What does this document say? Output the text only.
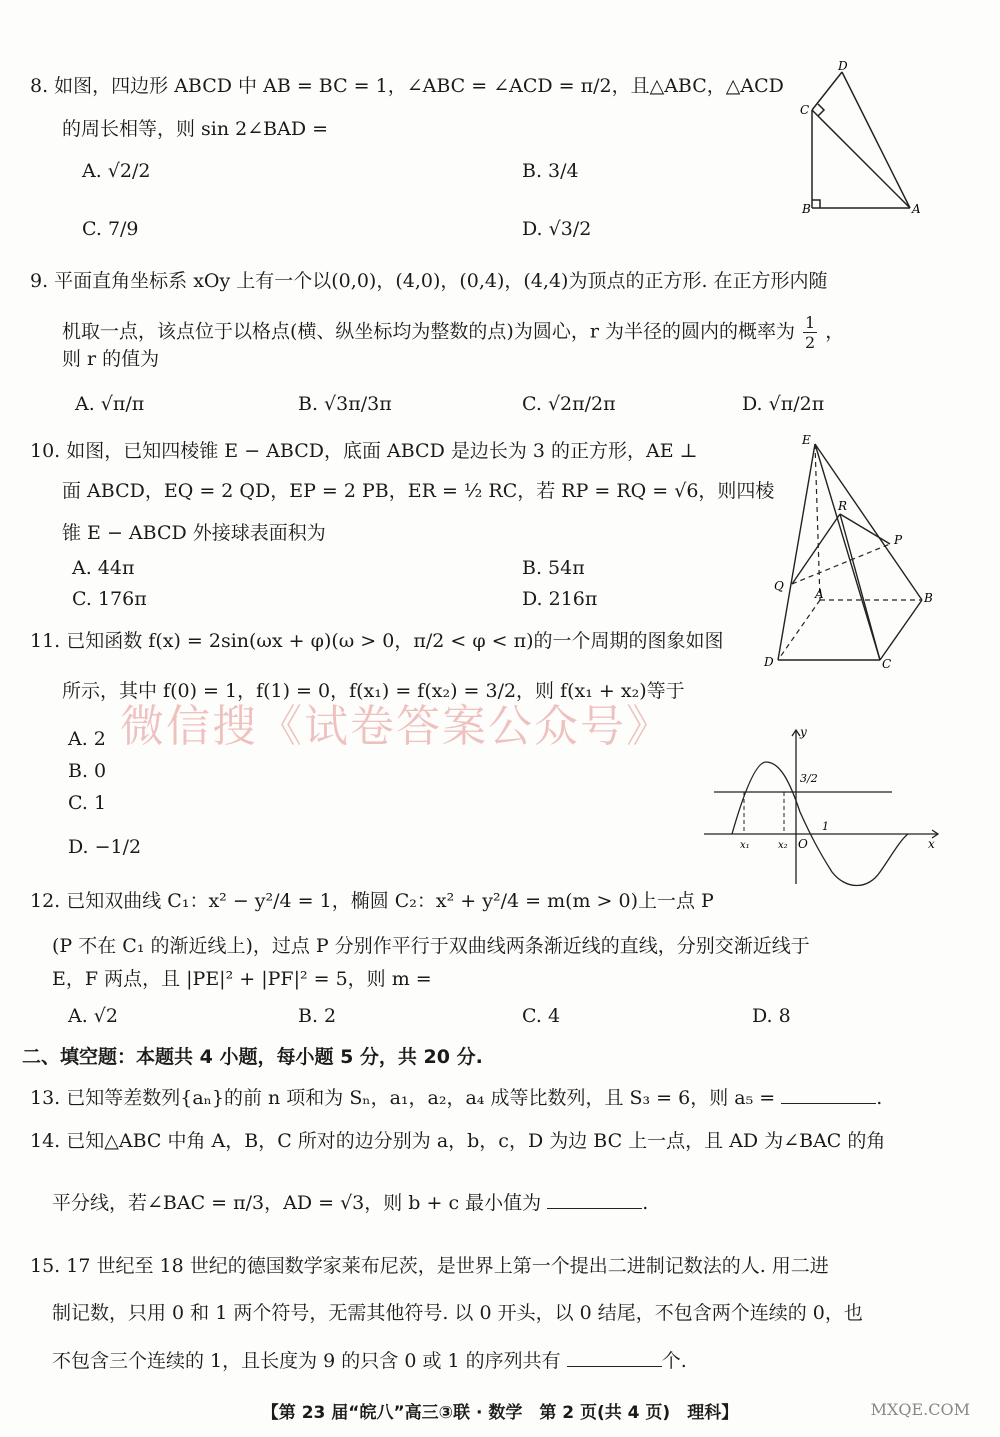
8. 如图，四边形 ABCD 中 AB = BC = 1，∠ABC = ∠ACD = π/2，且△ABC，△ACD
的周长相等，则 sin 2∠BAD =
A. √2/2	B. 3/4
C. 7/9	D. √3/2
D
C
B	A
9. 平面直角坐标系 xOy 上有一个以(0,0)，(4,0)，(0,4)，(4,4)为顶点的正方形. 在正方形内随
机取一点，该点位于以格点(横、纵坐标均为整数的点)为圆心，r 为半径的圆内的概率为 $\frac{1}{2}$ ，
则 r 的值为
A. √π/π	B. √3π/3π	C. √2π/2π	D. √π/2π
10. 如图，已知四棱锥 E − ABCD，底面 ABCD 是边长为 3 的正方形，AE ⊥
面 ABCD，EQ = 2 QD，EP = 2 PB，ER = ½ RC，若 RP = RQ = √6，则四棱
锥 E − ABCD 外接球表面积为
A. 44π	B. 54π
C. 176π	D. 216π
E
R
P
Q
A	B
C
D
11. 已知函数 f(x) = 2sin(ωx + φ)(ω > 0，π/2 < φ < π)的一个周期的图象如图
所示，其中 f(0) = 1，f(1) = 0，f(x₁) = f(x₂) = 3/2，则 f(x₁ + x₂)等于
微信搜《试卷答案公众号》
A. 2
B. 0
C. 1
D. −1/2
y
x
O
1
x₁	x₂
3/2
12. 已知双曲线 C₁：x² − y²/4 = 1，椭圆 C₂：x² + y²/4 = m(m > 0)上一点 P
(P 不在 C₁ 的渐近线上)，过点 P 分别作平行于双曲线两条渐近线的直线，分别交渐近线于
E，F 两点，且 |PE|² + |PF|² = 5，则 m =
A. √2	B. 2	C. 4	D. 8
二、填空题：本题共 4 小题，每小题 5 分，共 20 分.
13. 已知等差数列{aₙ}的前 n 项和为 Sₙ，a₁，a₂，a₄ 成等比数列，且 S₃ = 6，则 a₅ =	.
14. 已知△ABC 中角 A，B，C 所对的边分别为 a，b，c，D 为边 BC 上一点，且 AD 为∠BAC 的角
平分线，若∠BAC = π/3，AD = √3，则 b + c 最小值为	.
15. 17 世纪至 18 世纪的德国数学家莱布尼茨，是世界上第一个提出二进制记数法的人. 用二进
制记数，只用 0 和 1 两个符号，无需其他符号. 以 0 开头，以 0 结尾，不包含两个连续的 0，也
不包含三个连续的 1，且长度为 9 的只含 0 或 1 的序列共有	个.
【第 23 届“皖八”高三③联 · 数学　第 2 页(共 4 页)　理科】	MXQE.COM
